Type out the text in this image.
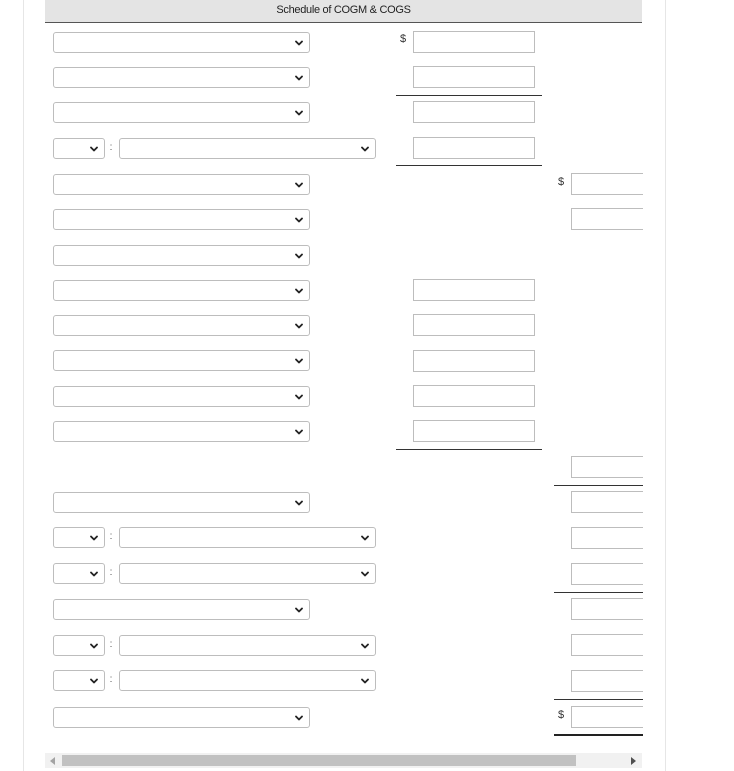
Schedule of COGM & COGS
$
:
$
:
:
:
:
$
